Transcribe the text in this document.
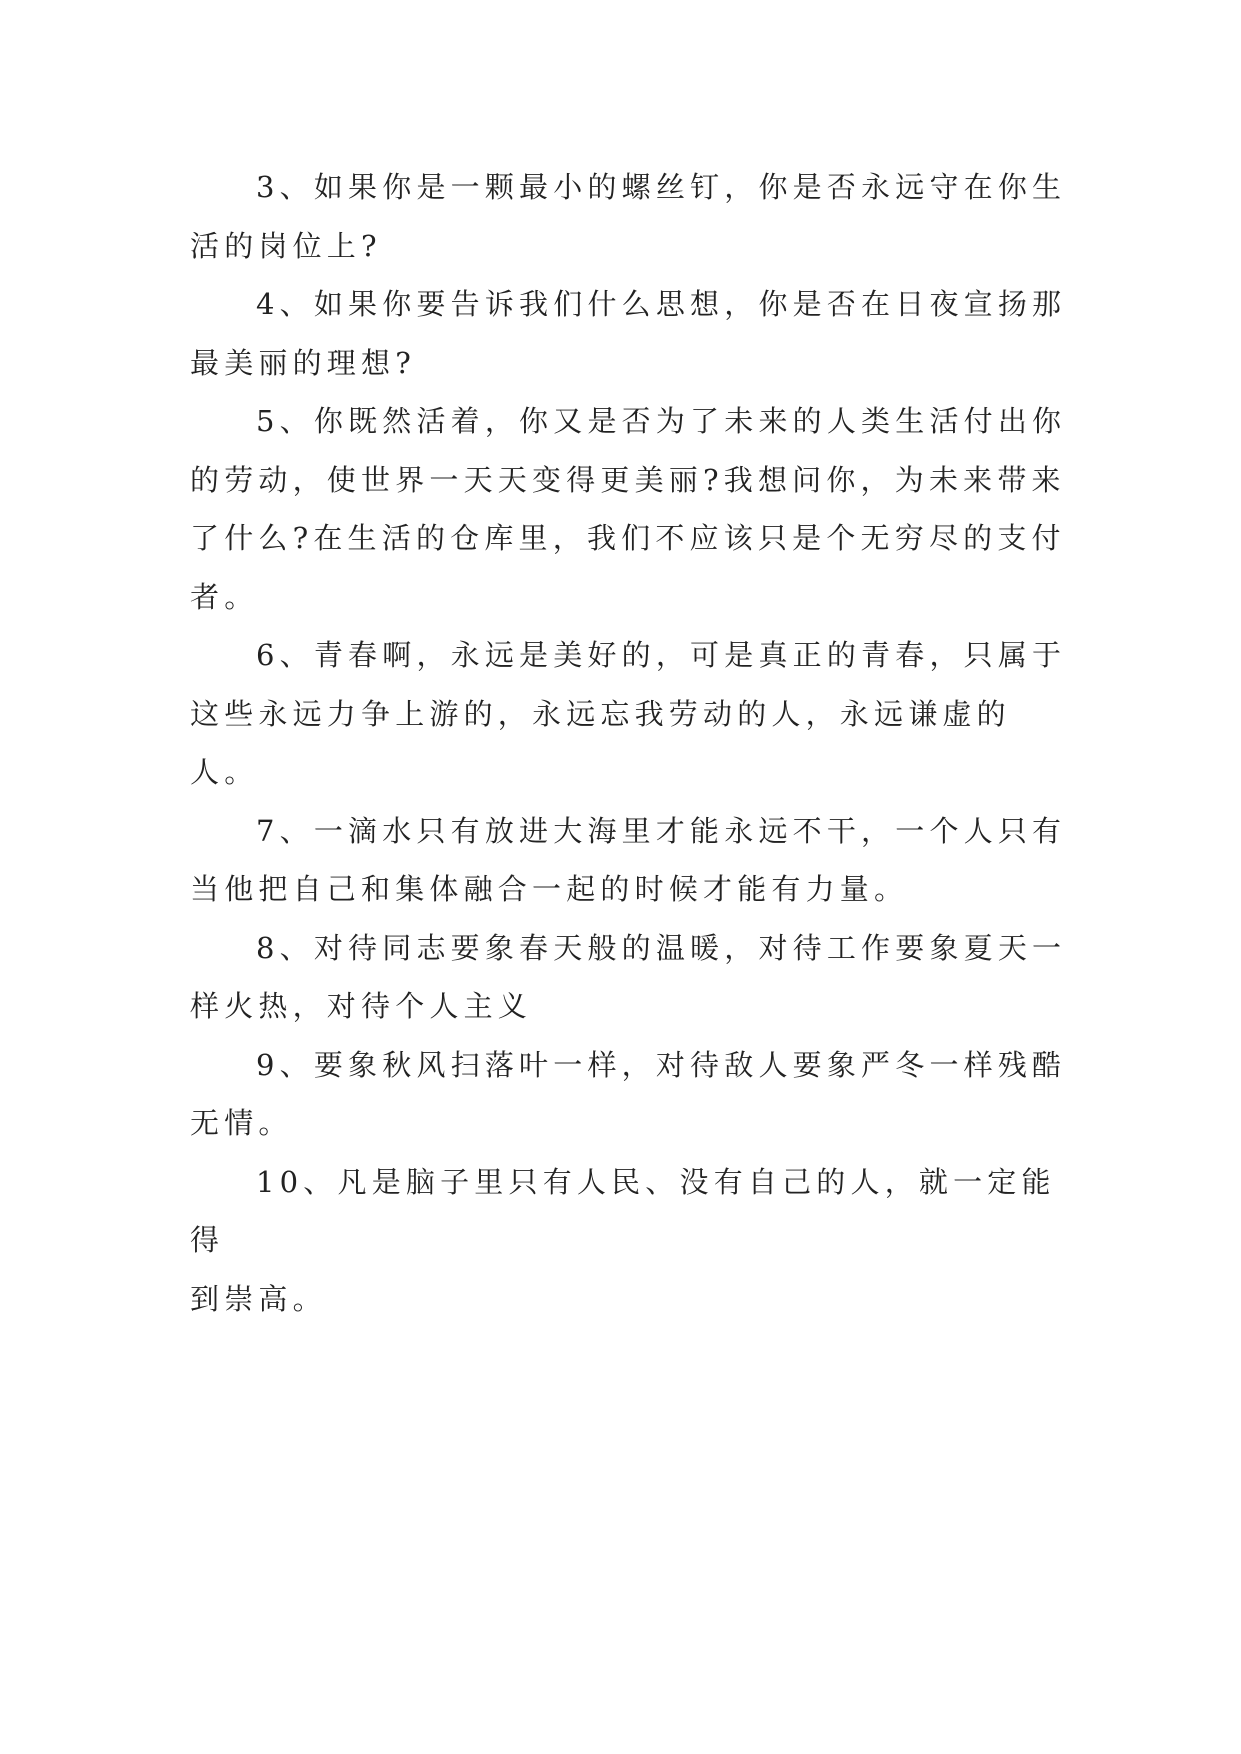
3、如果你是一颗最小的螺丝钉，你是否永远守在你生
活的岗位上?

4、如果你要告诉我们什么思想，你是否在日夜宣扬那
最美丽的理想?

5、你既然活着，你又是否为了未来的人类生活付出你
的劳动，使世界一天天变得更美丽?我想问你，为未来带来
了什么?在生活的仓库里，我们不应该只是个无穷尽的支付
者。

6、青春啊，永远是美好的，可是真正的青春，只属于
这些永远力争上游的，永远忘我劳动的人，永远谦虚的人。

7、一滴水只有放进大海里才能永远不干，一个人只有
当他把自己和集体融合一起的时候才能有力量。

8、对待同志要象春天般的温暖，对待工作要象夏天一
样火热，对待个人主义

9、要象秋风扫落叶一样，对待敌人要象严冬一样残酷
无情。

10、凡是脑子里只有人民、没有自己的人，就一定能得
到崇高。
